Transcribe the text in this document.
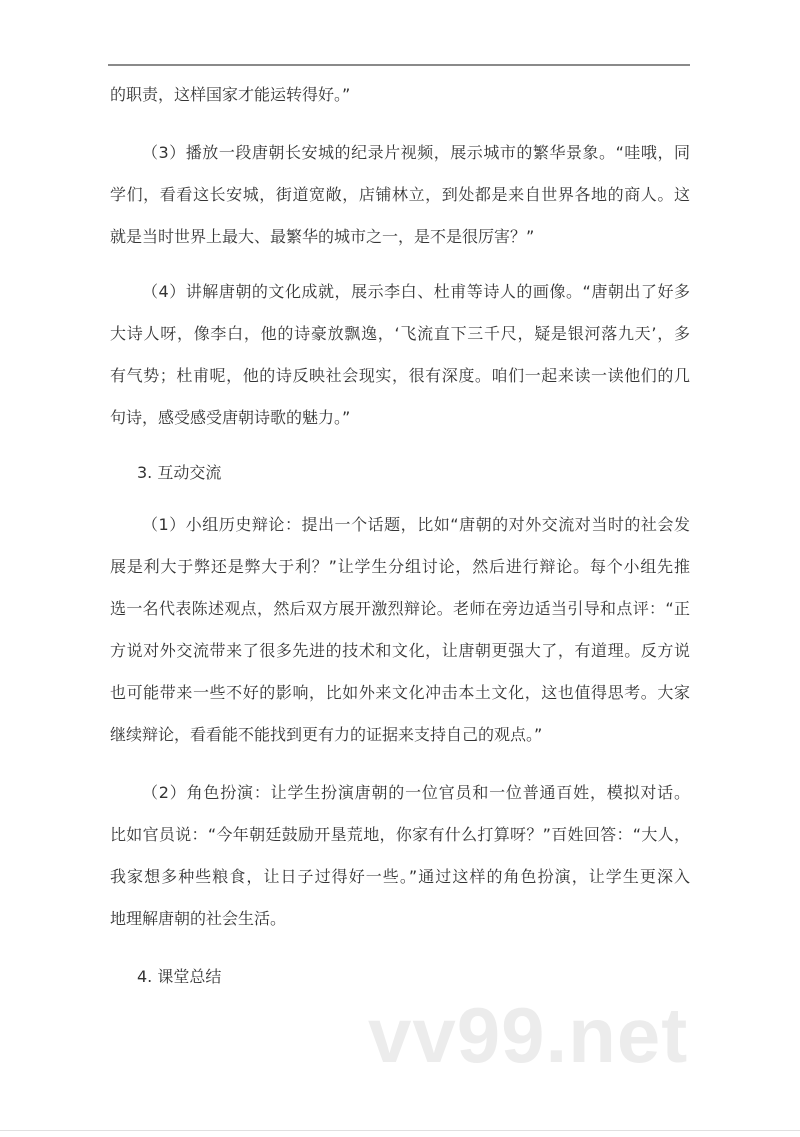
的职责，这样国家才能运转得好。”
（3）播放一段唐朝长安城的纪录片视频，展示城市的繁华景象。“哇哦，同
学们，看看这长安城，街道宽敞，店铺林立，到处都是来自世界各地的商人。这
就是当时世界上最大、最繁华的城市之一，是不是很厉害？”
（4）讲解唐朝的文化成就，展示李白、杜甫等诗人的画像。“唐朝出了好多
大诗人呀，像李白，他的诗豪放飘逸，‘飞流直下三千尺，疑是银河落九天’，多
有气势；杜甫呢，他的诗反映社会现实，很有深度。咱们一起来读一读他们的几
句诗，感受感受唐朝诗歌的魅力。”
3. 互动交流
（1）小组历史辩论：提出一个话题，比如“唐朝的对外交流对当时的社会发
展是利大于弊还是弊大于利？”让学生分组讨论，然后进行辩论。每个小组先推
选一名代表陈述观点，然后双方展开激烈辩论。老师在旁边适当引导和点评：“正
方说对外交流带来了很多先进的技术和文化，让唐朝更强大了，有道理。反方说
也可能带来一些不好的影响，比如外来文化冲击本土文化，这也值得思考。大家
继续辩论，看看能不能找到更有力的证据来支持自己的观点。”
（2）角色扮演：让学生扮演唐朝的一位官员和一位普通百姓，模拟对话。
比如官员说：“今年朝廷鼓励开垦荒地，你家有什么打算呀？”百姓回答：“大人，
我家想多种些粮食，让日子过得好一些。”通过这样的角色扮演，让学生更深入
地理解唐朝的社会生活。
4. 课堂总结
vv99.net
